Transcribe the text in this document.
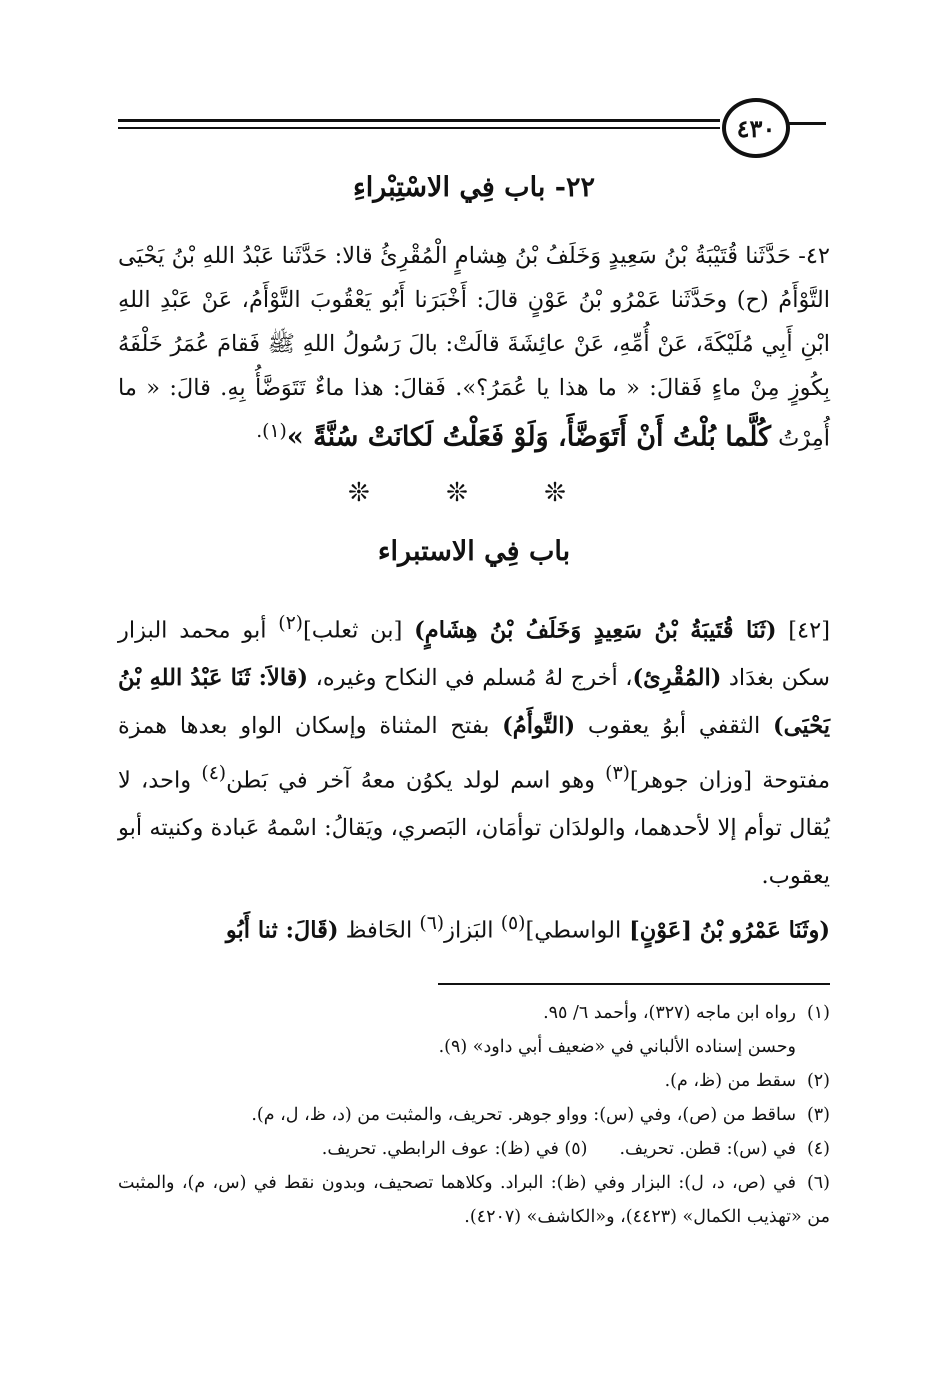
٤٣٠
٢٢- باب فِي الاسْتِبْراءِ
٤٢- حَدَّثَنا قُتَيْبَةُ بْنُ سَعِيدٍ وَخَلَفُ بْنُ هِشامٍ الْمُقْرِئُ قالا: حَدَّثَنا عَبْدُ اللهِ بْنُ يَحْيَى التَّوْأَمُ (ح) وحَدَّثَنا عَمْرُو بْنُ عَوْنٍ قالَ: أَخْبَرَنا أَبُو يَعْقُوبَ التَّوْأَمُ، عَنْ عَبْدِ اللهِ ابْنِ أَبِي مُلَيْكَةَ، عَنْ أُمِّهِ، عَنْ عائِشَةَ قالَتْ: بالَ رَسُولُ اللهِ ﷺ فَقامَ عُمَرُ خَلْفَهُ بِكُوزٍ مِنْ ماءٍ فَقالَ: « ما هذا يا عُمَرُ؟». فَقالَ: هذا ماءٌ تَتَوَضَّأُ بِهِ. قالَ: « ما أُمِرْتُ كُلَّما بُلْتُ أَنْ أَتَوَضَّأَ، وَلَوْ فَعَلْتُ لَكانَتْ سُنَّةً »$^{(١).}$
❊ ❊ ❊
باب فِي الاستبراء

[٤٢] (ثَنَا قُتَيبَةُ بْنُ سَعِيدٍ وَخَلَفُ بْنُ هِشَامٍ) [بن ثعلب]$^{(٢)}$ أبو محمد البزار سكن بغدَاد (المُقْرِئ)، أخرج لهُ مُسلم في النكاح وغيره، (قالاَ: ثَنَا عَبْدُ اللهِ بْنُ يَحْيَى) الثقفي أبوُ يعقوب (التَّوأَمُ) بفتح المثناة وإسكان الواو بعدها همزة مفتوحة [وزان جوهر]$^{(٣)}$ وهو اسم لولد يكوُن معهُ آخر في بَطن$^{(٤)}$ واحد، لا يُقال توأم إلا لأحدهما، والولدَان توأمَان، البَصري، ويَقالُ: اسْمهُ عَبادة وكنيته أبو يعقوب.

(وثَنَا عَمْرُو بْنُ [عَوْنٍ] الواسطي]$^{(٥)}$ البَزاز$^{(٦)}$ الحَافظ (قَالَ: ثنا أَبُو

(١)رواه ابن ماجه (٣٢٧)، وأحمد ٦/ ٩٥.

وحسن إسناده الألباني في «ضعيف أبي داود» (٩).

(٢)سقط من (ظ، م).

(٣)ساقط من (ص)، وفي (س): وواو جوهر. تحريف، والمثبت من (د، ظ، ل، م).

(٤)في (س): قطن. تحريف.(٥) في (ظ): عوف الرابطي. تحريف.

(٦)في (ص، د، ل): البزار وفي (ظ): البراد. وكلاهما تصحيف، وبدون نقط في (س، م)، والمثبت من «تهذيب الكمال» (٤٤٢٣)، و«الكاشف» (٤٢٠٧).
